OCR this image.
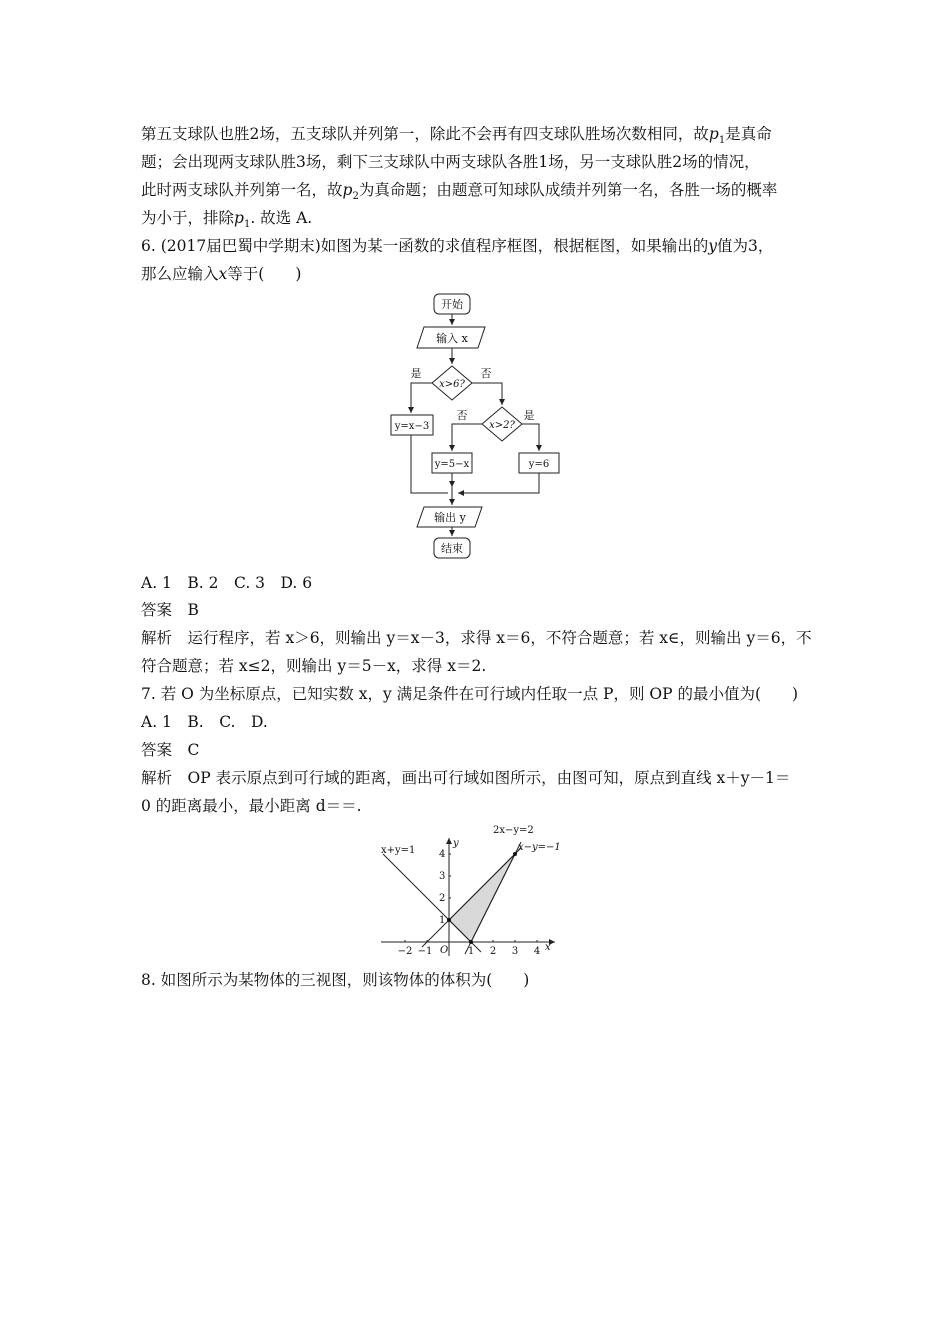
第五支球队也胜2场，五支球队并列第一，除此不会再有四支球队胜场次数相同，故$p_1$是真命
题；会出现两支球队胜3场，剩下三支球队中两支球队各胜1场，另一支球队胜2场的情况，
此时两支球队并列第一名，故$p_2$为真命题；由题意可知球队成绩并列第一名，各胜一场的概率
为小于，排除$p_1$. 故选 A.
6. (2017届巴蜀中学期末)如图为某一函数的求值程序框图，根据框图，如果输出的y值为3，
那么应输入x等于(　　)
开始
输入 x
x>6?
是	否
y=x−3	x>2?
否	是
y=5−x	y=6
输出 y
结束
A. 1　B. 2　C. 3　D. 6
答案　 B
解析　 运行程序，若 x＞6，则输出 y＝x－3，求得 x＝6，不符合题意；若 x∈，则输出 y＝6，不
符合题意；若 x≤2，则输出 y＝5－x，求得 x＝2.
7. 若 O 为坐标原点，已知实数 x，y 满足条件在可行域内任取一点 P，则 OP 的最小值为(　　)
A. 1　B.　C.　D.
答案　 C
解析　 OP 表示原点到可行域的距离，画出可行域如图所示，由图可知，原点到直线 x＋y－1＝
0 的距离最小，最小距离 d＝＝.
x+y=1
2x−y=2
x−y=−1
y
x
O
−2 −1	1 2 3 4
1
2
3
4
8. 如图所示为某物体的三视图，则该物体的体积为(　　)
